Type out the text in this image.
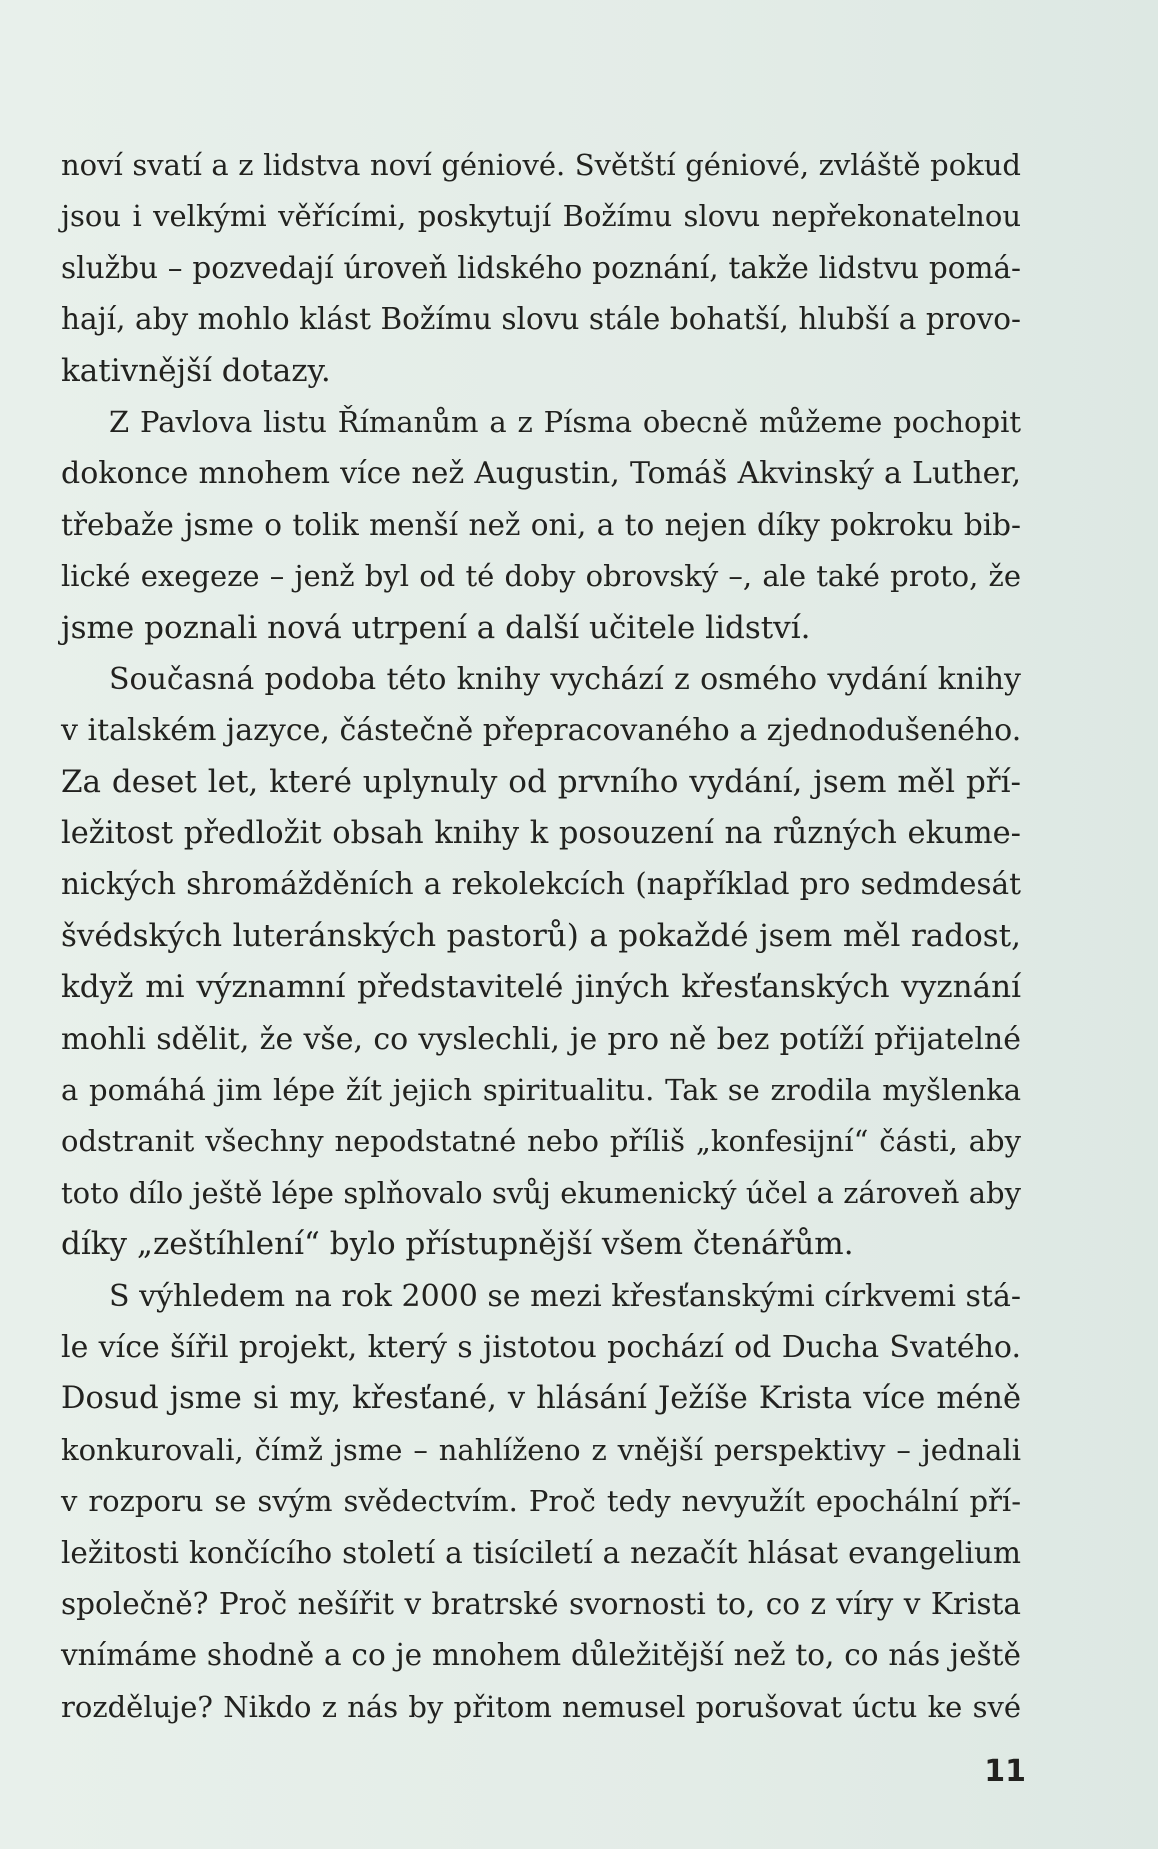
noví svatí a z lidstva noví géniové. Světští géniové, zvláště pokud
jsou i velkými věřícími, poskytují Božímu slovu nepřekonatelnou
službu – pozvedají úroveň lidského poznání, takže lidstvu pomá-
hají, aby mohlo klást Božímu slovu stále bohatší, hlubší a provo-
kativnější dotazy.
Z Pavlova listu Římanům a z Písma obecně můžeme pochopit
dokonce mnohem více než Augustin, Tomáš Akvinský a Luther,
třebaže jsme o tolik menší než oni, a to nejen díky pokroku bib-
lické exegeze – jenž byl od té doby obrovský –, ale také proto, že
jsme poznali nová utrpení a další učitele lidství.
Současná podoba této knihy vychází z osmého vydání knihy
v italském jazyce, částečně přepracovaného a zjednodušeného.
Za deset let, které uplynuly od prvního vydání, jsem měl pří-
ležitost předložit obsah knihy k posouzení na různých ekume-
nických shromážděních a rekolekcích (například pro sedmdesát
švédských luteránských pastorů) a pokaždé jsem měl radost,
když mi významní představitelé jiných křesťanských vyznání
mohli sdělit, že vše, co vyslechli, je pro ně bez potíží přijatelné
a pomáhá jim lépe žít jejich spiritualitu. Tak se zrodila myšlenka
odstranit všechny nepodstatné nebo příliš „konfesijní“ části, aby
toto dílo ještě lépe splňovalo svůj ekumenický účel a zároveň aby
díky „zeštíhlení“ bylo přístupnější všem čtenářům.
S výhledem na rok 2000 se mezi křesťanskými církvemi stá-
le více šířil projekt, který s jistotou pochází od Ducha Svatého.
Dosud jsme si my, křesťané, v hlásání Ježíše Krista více méně
konkurovali, čímž jsme – nahlíženo z vnější perspektivy – jednali
v rozporu se svým svědectvím. Proč tedy nevyužít epochální pří-
ležitosti končícího století a tisíciletí a nezačít hlásat evangelium
společně? Proč nešířit v bratrské svornosti to, co z víry v Krista
vnímáme shodně a co je mnohem důležitější než to, co nás ještě
rozděluje? Nikdo z nás by přitom nemusel porušovat úctu ke své
11
